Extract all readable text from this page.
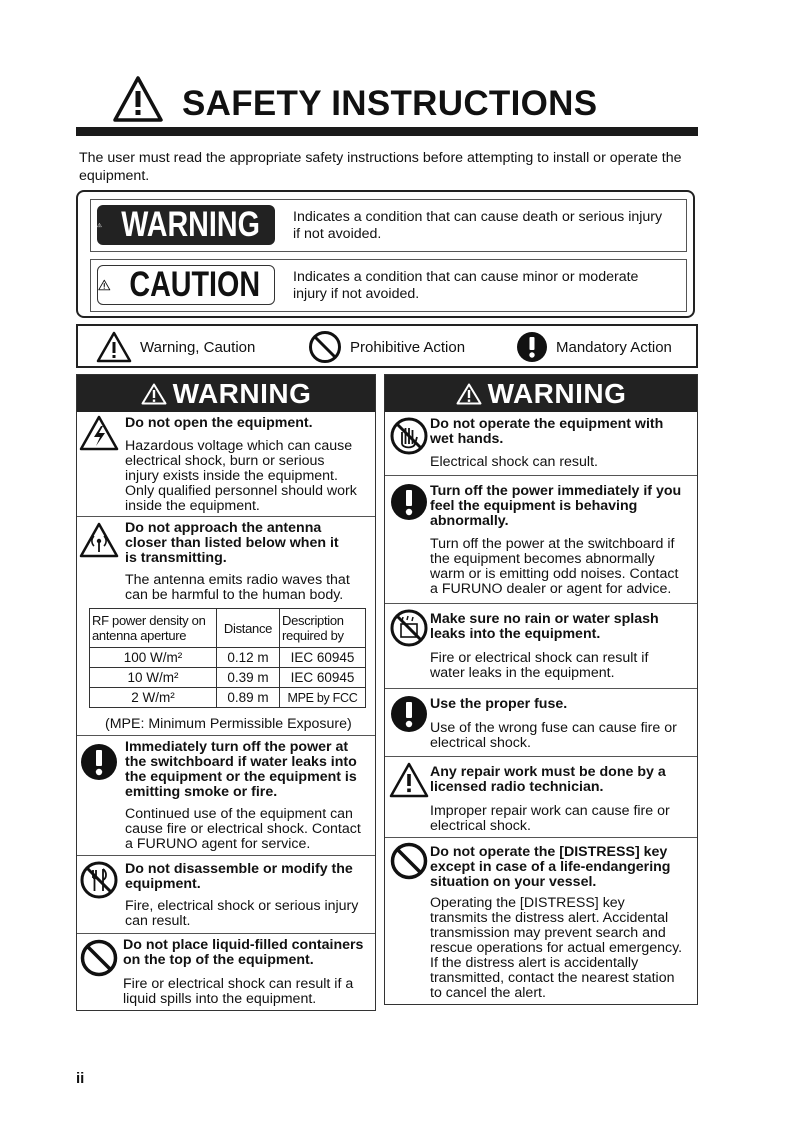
SAFETY INSTRUCTIONS
The user must read the appropriate safety instructions before attempting to install or operate the equipment.
WARNING Indicates a condition that can cause death or serious injury
if not avoided.
CAUTION Indicates a condition that can cause minor or moderate
injury if not avoided.
Warning, Caution	Prohibitive Action	Mandatory Action
WARNING
Do not open the equipment.
Hazardous voltage which can cause
electrical shock, burn or serious
injury exists inside the equipment.
Only qualified personnel should work
inside the equipment.
Do not approach the antenna
closer than listed below when it
is transmitting.
The antenna emits radio waves that
can be harmful to the human body.
RF power density on antenna aperture	Distance	Description required by
100 W/m²	0.12 m	IEC 60945
10 W/m²	0.39 m	IEC 60945
2 W/m²	0.89 m	MPE by FCC
(MPE: Minimum Permissible Exposure)
Immediately turn off the power at
the switchboard if water leaks into
the equipment or the equipment is
emitting smoke or fire.
Continued use of the equipment can
cause fire or electrical shock. Contact
a FURUNO agent for service.
Do not disassemble or modify the
equipment.
Fire, electrical shock or serious injury
can result.
Do not place liquid-filled containers
on the top of the equipment.
Fire or electrical shock can result if a
liquid spills into the equipment.
WARNING
Do not operate the equipment with
wet hands.
Electrical shock can result.
Turn off the power immediately if you
feel the equipment is behaving
abnormally.
Turn off the power at the switchboard if
the equipment becomes abnormally
warm or is emitting odd noises. Contact
a FURUNO dealer or agent for advice.
Make sure no rain or water splash
leaks into the equipment.
Fire or electrical shock can result if
water leaks in the equipment.
Use the proper fuse.
Use of the wrong fuse can cause fire or
electrical shock.
Any repair work must be done by a
licensed radio technician.
Improper repair work can cause fire or
electrical shock.
Do not operate the [DISTRESS] key
except in case of a life-endangering
situation on your vessel.
Operating the [DISTRESS] key
transmits the distress alert. Accidental
transmission may prevent search and
rescue operations for actual emergency.
If the distress alert is accidentally
transmitted, contact the nearest station
to cancel the alert.
ii
